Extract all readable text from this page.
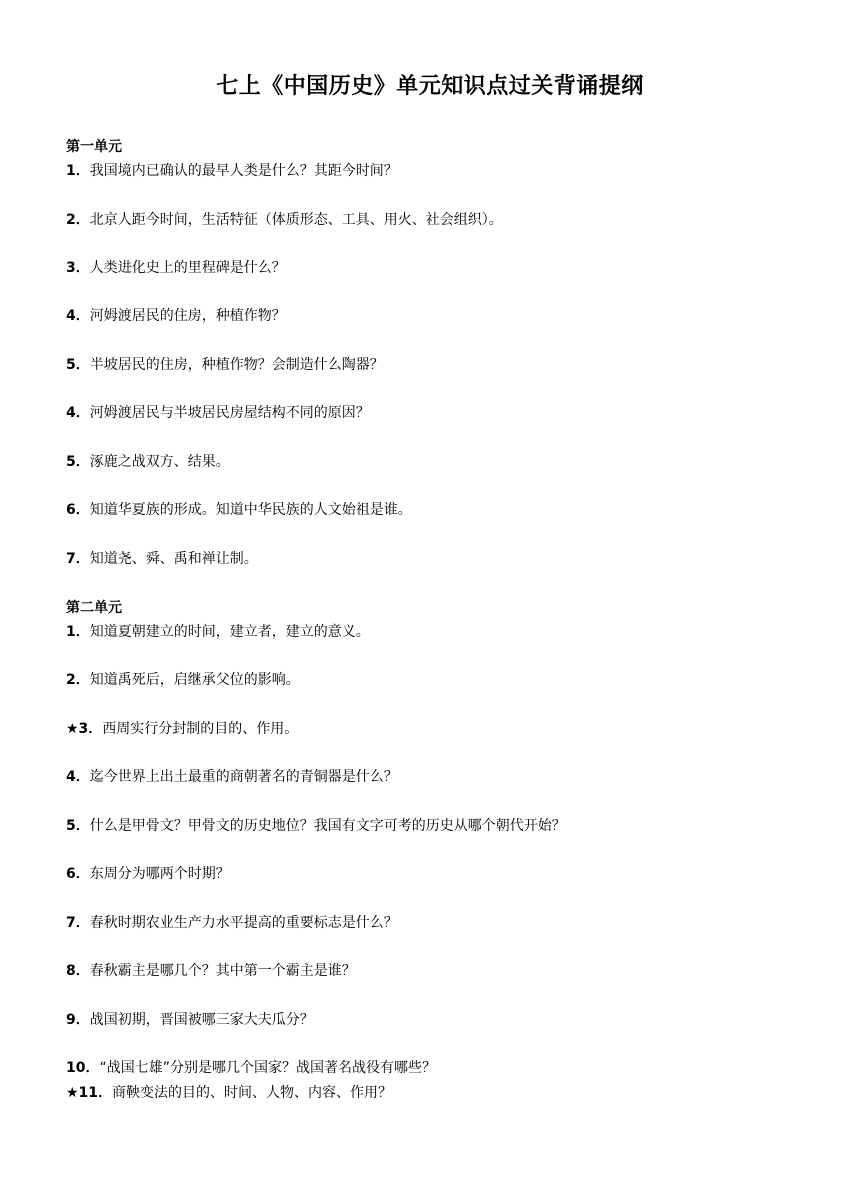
七上《中国历史》单元知识点过关背诵提纲
第一单元
1．我国境内已确认的最早人类是什么？其距今时间？
2．北京人距今时间，生活特征（体质形态、工具、用火、社会组织）。
3．人类进化史上的里程碑是什么？
4．河姆渡居民的住房，种植作物？
5．半坡居民的住房，种植作物？会制造什么陶器？
4．河姆渡居民与半坡居民房屋结构不同的原因？
5．涿鹿之战双方、结果。
6．知道华夏族的形成。知道中华民族的人文始祖是谁。
7．知道尧、舜、禹和禅让制。
第二单元
1．知道夏朝建立的时间，建立者，建立的意义。
2．知道禹死后，启继承父位的影响。
★3．西周实行分封制的目的、作用。
4．迄今世界上出土最重的商朝著名的青铜器是什么？
5．什么是甲骨文？甲骨文的历史地位？我国有文字可考的历史从哪个朝代开始？
6．东周分为哪两个时期？
7．春秋时期农业生产力水平提高的重要标志是什么？
8．春秋霸主是哪几个？其中第一个霸主是谁？
9．战国初期，晋国被哪三家大夫瓜分？
10．“战国七雄”分别是哪几个国家？战国著名战役有哪些？
★11．商鞅变法的目的、时间、人物、内容、作用？
